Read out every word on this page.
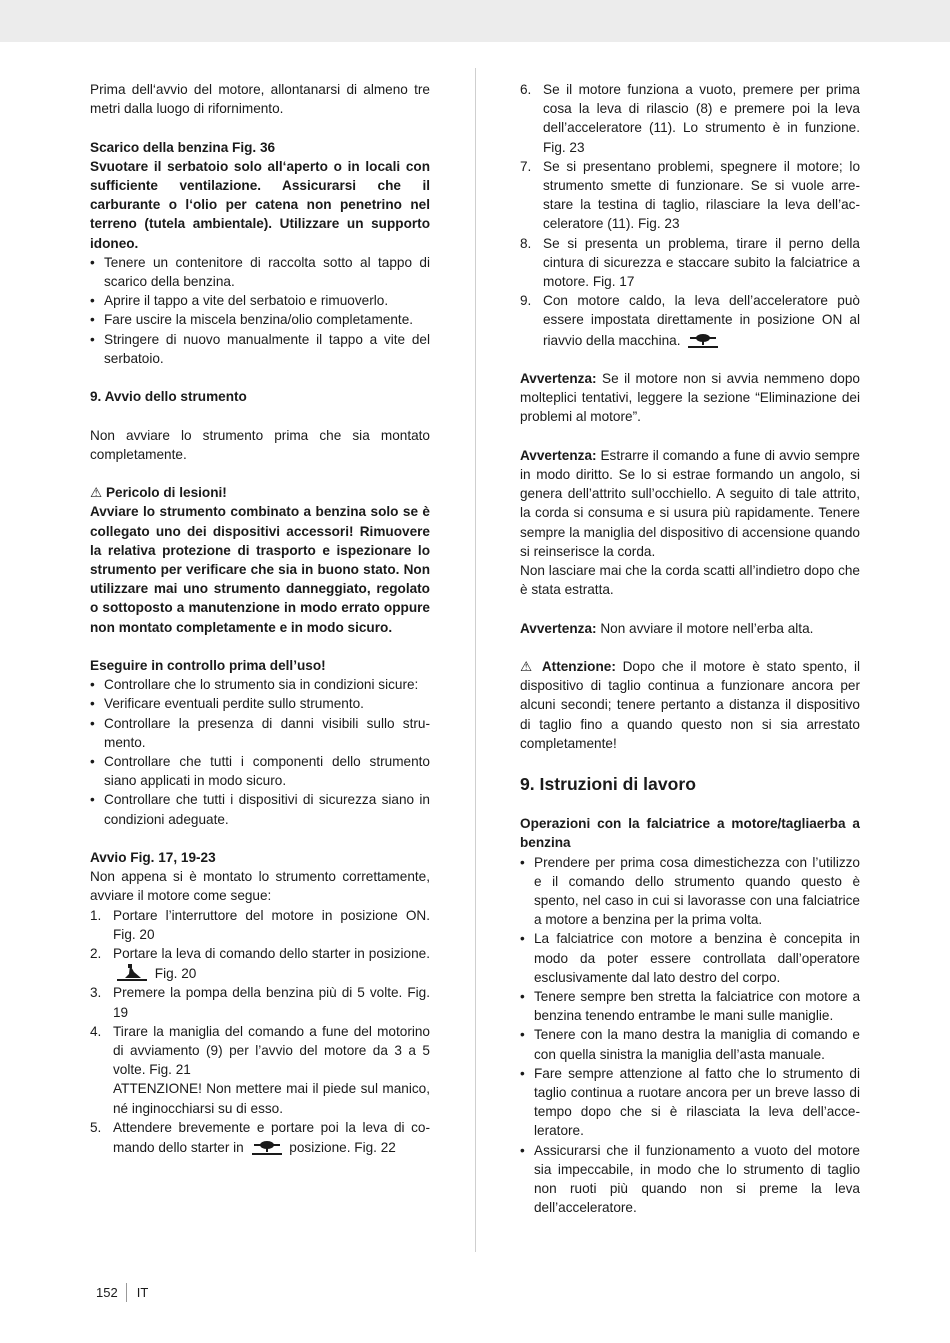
Prima dell‘avvio del motore, allontanarsi di almeno tre metri dalla luogo di rifornimento.

Scarico della benzina Fig. 36

Svuotare il serbatoio solo all‘aperto o in locali con sufficiente ventilazione. Assicurarsi che il carburante o l‘olio per catena non penetrino nel terreno (tutela ambientale). Utilizzare un supporto idoneo.

• Tenere un contenitore di raccolta sotto al tappo di scarico della benzina.
• Aprire il tappo a vite del serbatoio e rimuoverlo.
• Fare uscire la miscela benzina/olio completamente.
• Stringere di nuovo manualmente il tappo a vite del serbatoio.

9. Avvio dello strumento

Non avviare lo strumento prima che sia montato completamente.

⚠ Pericolo di lesioni!

Avviare lo strumento combinato a benzina solo se è collegato uno dei dispositivi accessori! Rimuovere la relativa protezione di trasporto e ispezionare lo strumento per verificare che sia in buono stato. Non utilizzare mai uno strumento danneggiato, regolato o sottoposto a manutenzione in modo errato oppure non montato completamente e in modo sicuro.

Eseguire in controllo prima dell’uso!

• Controllare che lo strumento sia in condizioni sicure:
• Verificare eventuali perdite sullo strumento.
• Controllare la presenza di danni visibili sullo strumento.
• Controllare che tutti i componenti dello strumento siano applicati in modo sicuro.
• Controllare che tutti i dispositivi di sicurezza siano in condizioni adeguate.

Avvio Fig. 17, 19-23

Non appena si è montato lo strumento correttamente, avviare il motore come segue:

1. Portare l’interruttore del motore in posizione ON. Fig. 20
2. Portare la leva di comando dello starter in posizione.
Fig. 20
3. Premere la pompa della benzina più di 5 volte. Fig. 19
4. Tirare la maniglia del comando a fune del motorino di avviamento (9) per l’avvio del motore da 3 a 5 volte. Fig. 21
ATTENZIONE! Non mettere mai il piede sul manico, né inginocchiarsi su di esso.
5. Attendere brevemente e portare poi la leva di comando dello starter in	posizione. Fig. 22
6. Se il motore funziona a vuoto, premere per prima cosa la leva di rilascio (8) e premere poi la leva dell’acceleratore (11). Lo strumento è in funzione. Fig. 23
7. Se si presentano problemi, spegnere il motore; lo strumento smette di funzionare. Se si vuole arrestare la testina di taglio, rilasciare la leva dell’acceleratore (11). Fig. 23
8. Se si presenta un problema, tirare il perno della cintura di sicurezza e staccare subito la falciatrice a motore. Fig. 17
9. Con motore caldo, la leva dell’acceleratore può essere impostata direttamente in posizione ON al riavvio della macchina.

Avvertenza: Se il motore non si avvia nemmeno dopo molteplici tentativi, leggere la sezione “Eliminazione dei problemi al motore”.

Avvertenza: Estrarre il comando a fune di avvio sempre in modo diritto. Se lo si estrae formando un angolo, si genera dell’attrito sull’occhiello. A seguito di tale attrito, la corda si consuma e si usura più rapidamente. Tenere sempre la maniglia del dispositivo di accensione quando si reinserisce la corda.

Non lasciare mai che la corda scatti all’indietro dopo che è stata estratta.

Avvertenza: Non avviare il motore nell’erba alta.

⚠ Attenzione: Dopo che il motore è stato spento, il dispositivo di taglio continua a funzionare ancora per alcuni secondi; tenere pertanto a distanza il dispositivo di taglio fino a quando questo non si sia arrestato completamente!

9. Istruzioni di lavoro

Operazioni con la falciatrice a motore/tagliaerba a benzina

• Prendere per prima cosa dimestichezza con l’utilizzo e il comando dello strumento quando questo è spento, nel caso in cui si lavorasse con una falciatrice a motore a benzina per la prima volta.
• La falciatrice con motore a benzina è concepita in modo da poter essere controllata dall’operatore esclusivamente dal lato destro del corpo.
• Tenere sempre ben stretta la falciatrice con motore a benzina tenendo entrambe le mani sulle maniglie.
• Tenere con la mano destra la maniglia di comando e con quella sinistra la maniglia dell’asta manuale.
• Fare sempre attenzione al fatto che lo strumento di taglio continua a ruotare ancora per un breve lasso di tempo dopo che si è rilasciata la leva dell’acceleratore.
• Assicurarsi che il funzionamento a vuoto del motore sia impeccabile, in modo che lo strumento di taglio non ruoti più quando non si preme la leva dell’acceleratore.
152 IT
